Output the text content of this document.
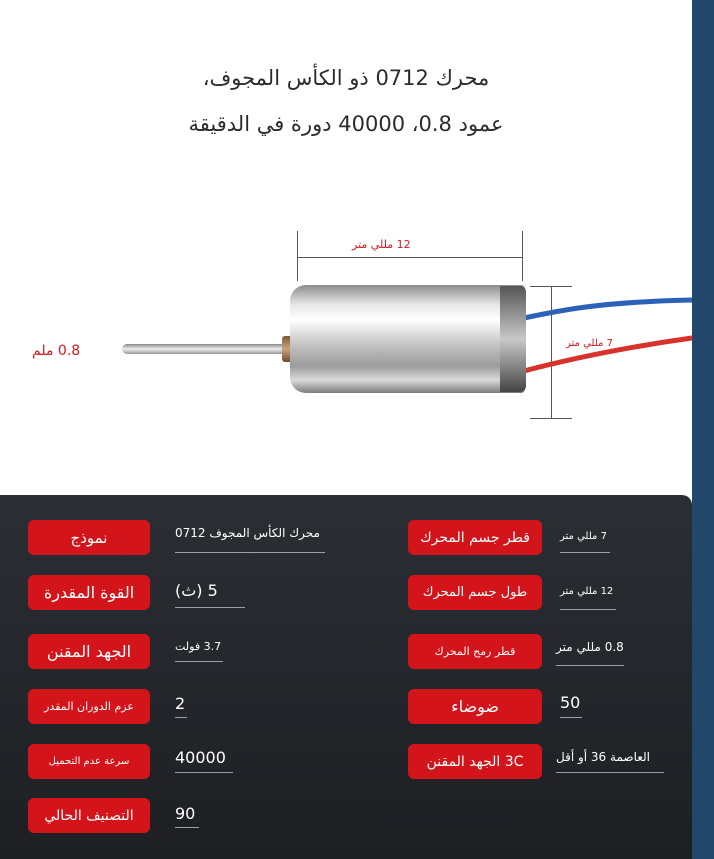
محرك 0712 ذو الكأس المجوف،
عمود 0.8، 40000 دورة في الدقيقة
12 مللي متر
7 مللي متر
0.8 ملم
نموذج	محرك الكأس المجوف 0712
القوة المقدرة	5 (ث)
الجهد المقنن	3.7 فولت
عزم الدوران المقدر	2
سرعة عدم التحميل	40000
التصنيف الحالي	90
قطر جسم المحرك	7 مللي متر
طول جسم المحرك	12 مللي متر
قطر رمح المحرك	0.8 مللي متر
ضوضاء	50
3C الجهد المقنن	العاصمة 36 أو أقل
